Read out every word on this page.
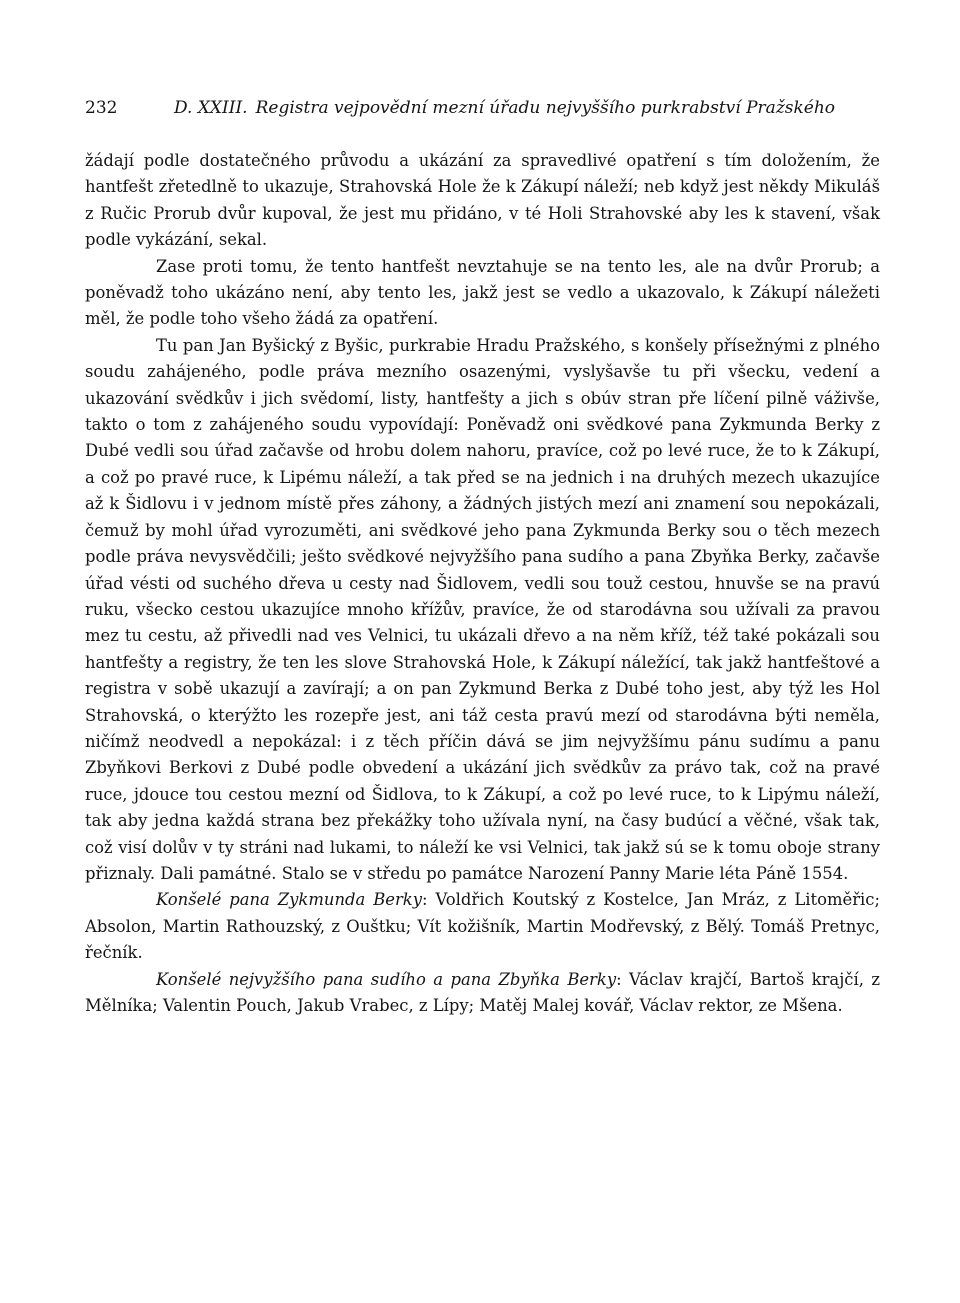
232	D. XXIII. Registra vejpovědní mezní úřadu nejvyššího purkrabství Pražského

žádají podle dostatečného průvodu a ukázání za spravedlivé opatření s tím doložením, že hantfešt zřetedlně to ukazuje, Strahovská Hole že k Zákupí náleží; neb když jest někdy Mikuláš z Ručic Prorub dvůr kupoval, že jest mu přidáno, v té Holi Strahovské aby les k stavení, však podle vykázání, sekal.

Zase proti tomu, že tento hantfešt nevztahuje se na tento les, ale na dvůr Prorub; a poněvadž toho ukázáno není, aby tento les, jakž jest se vedlo a ukazovalo, k Zákupí náležeti měl, že podle toho všeho žádá za opatření.

Tu pan Jan Byšický z Byšic, purkrabie Hradu Pražského, s konšely přísežnými z plného soudu zahájeného, podle práva mezního osazenými, vyslyšavše tu při všecku, vedení a ukazování svědkův i jich svědomí, listy, hantfešty a jich s obúv stran pře líčení pilně váživše, takto o tom z zahájeného soudu vypovídají: Poněvadž oni svědkové pana Zykmunda Berky z Dubé vedli sou úřad začavše od hrobu dolem nahoru, pravíce, což po levé ruce, že to k Zákupí, a což po pravé ruce, k Lipému náleží, a tak před se na jednich i na druhých mezech ukazujíce až k Šidlovu i v jednom místě přes záhony, a žádných jistých mezí ani znamení sou nepokázali, čemuž by mohl úřad vyrozuměti, ani svědkové jeho pana Zykmunda Berky sou o těch mezech podle práva nevysvědčili; ješto svědkové nejvyžšího pana sudího a pana Zbyňka Berky, začavše úřad vésti od suchého dřeva u cesty nad Šidlovem, vedli sou touž cestou, hnuvše se na pravú ruku, všecko cestou ukazujíce mnoho křížův, pravíce, že od starodávna sou užívali za pravou mez tu cestu, až přivedli nad ves Velnici, tu ukázali dřevo a na něm kříž, též také pokázali sou hantfešty a registry, že ten les slove Strahovská Hole, k Zákupí náležící, tak jakž hantfeštové a registra v sobě ukazují a zavírají; a on pan Zykmund Berka z Dubé toho jest, aby týž les Hol Strahovská, o kterýžto les rozepře jest, ani táž cesta pravú mezí od starodávna býti neměla, ničímž neodvedl a nepokázal: i z těch příčin dává se jim nejvyžšímu pánu sudímu a panu Zbyňkovi Berkovi z Dubé podle obvedení a ukázání jich svědkův za právo tak, což na pravé ruce, jdouce tou cestou mezní od Šidlova, to k Zákupí, a což po levé ruce, to k Lipýmu náleží, tak aby jedna každá strana bez překážky toho užívala nyní, na časy budúcí a věčné, však tak, což visí dolův v ty stráni nad lukami, to náleží ke vsi Velnici, tak jakž sú se k tomu oboje strany přiznaly. Dali památné. Stalo se v středu po památce Narození Panny Marie léta Páně 1554.

Konšelé pana Zykmunda Berky: Voldřich Koutský z Kostelce, Jan Mráz, z Litoměřic; Absolon, Martin Rathouzský, z Ouštku; Vít kožišník, Martin Modřevský, z Bělý. Tomáš Pretnyc, řečník.

Konšelé nejvyžšího pana sudího a pana Zbyňka Berky: Václav krajčí, Bartoš krajčí, z Mělníka; Valentin Pouch, Jakub Vrabec, z Lípy; Matěj Malej kovář, Václav rektor, ze Mšena.
